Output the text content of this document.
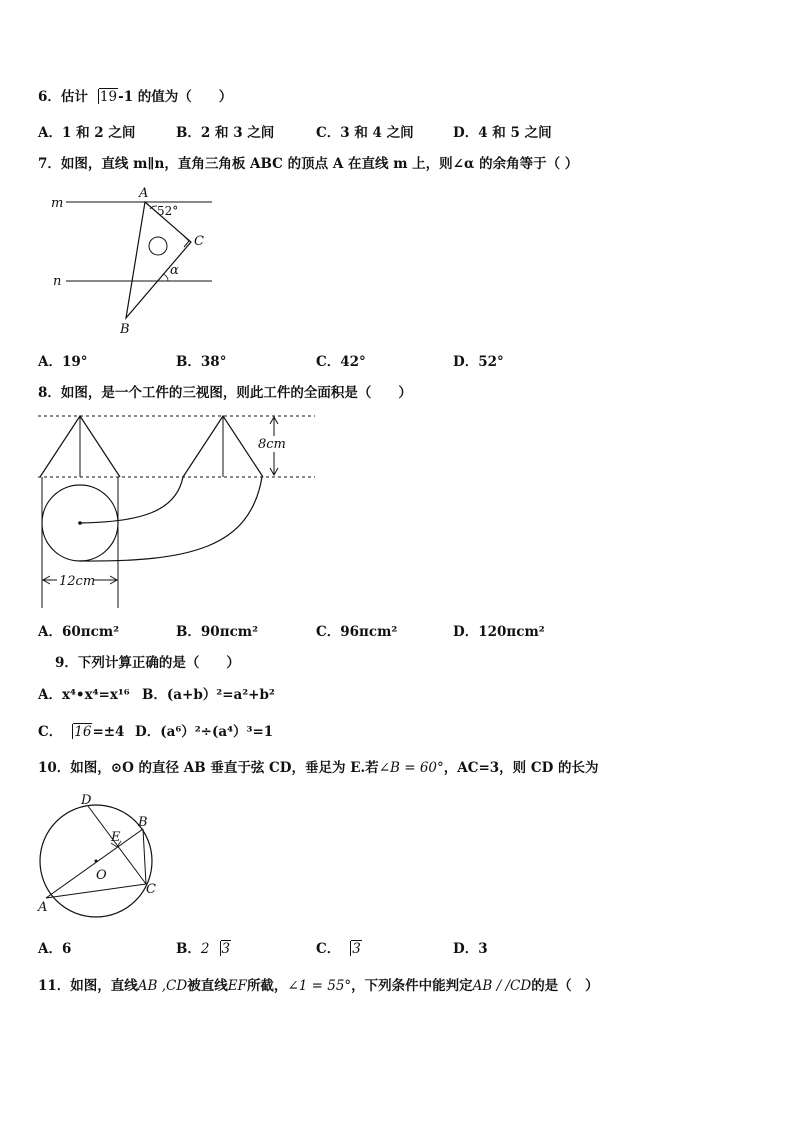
6．估计 19-1 的值为（　　）
A．1 和 2 之间	B．2 和 3 之间	C．3 和 4 之间	D．4 和 5 之间
7．如图，直线 m∥n，直角三角板 ABC 的顶点 A 在直线 m 上，则∠α 的余角等于（ ）
m
n
A
52°
C
α
B
A．19°	B．38°	C．42°	D．52°
8．如图，是一个工件的三视图，则此工件的全面积是（　　）
8cm
12cm
A．60πcm²	B．90πcm²	C．96πcm²	D．120πcm²
9．下列计算正确的是（　　）
A．x⁴•x⁴=x¹⁶ B．(a+b）²=a²+b²
C． 16=±4 D．(a⁶）²÷(a⁴）³=1
10．如图，⊙O 的直径 AB 垂直于弦 CD，垂足为 E.若∠B = 60°，AC=3，则 CD 的长为
D
B
E
O
C
A
A．6	B．2 3	C． 3	D．3
11．如图，直线AB ,CD被直线EF所截，∠1 = 55°，下列条件中能判定AB / /CD的是（　）
